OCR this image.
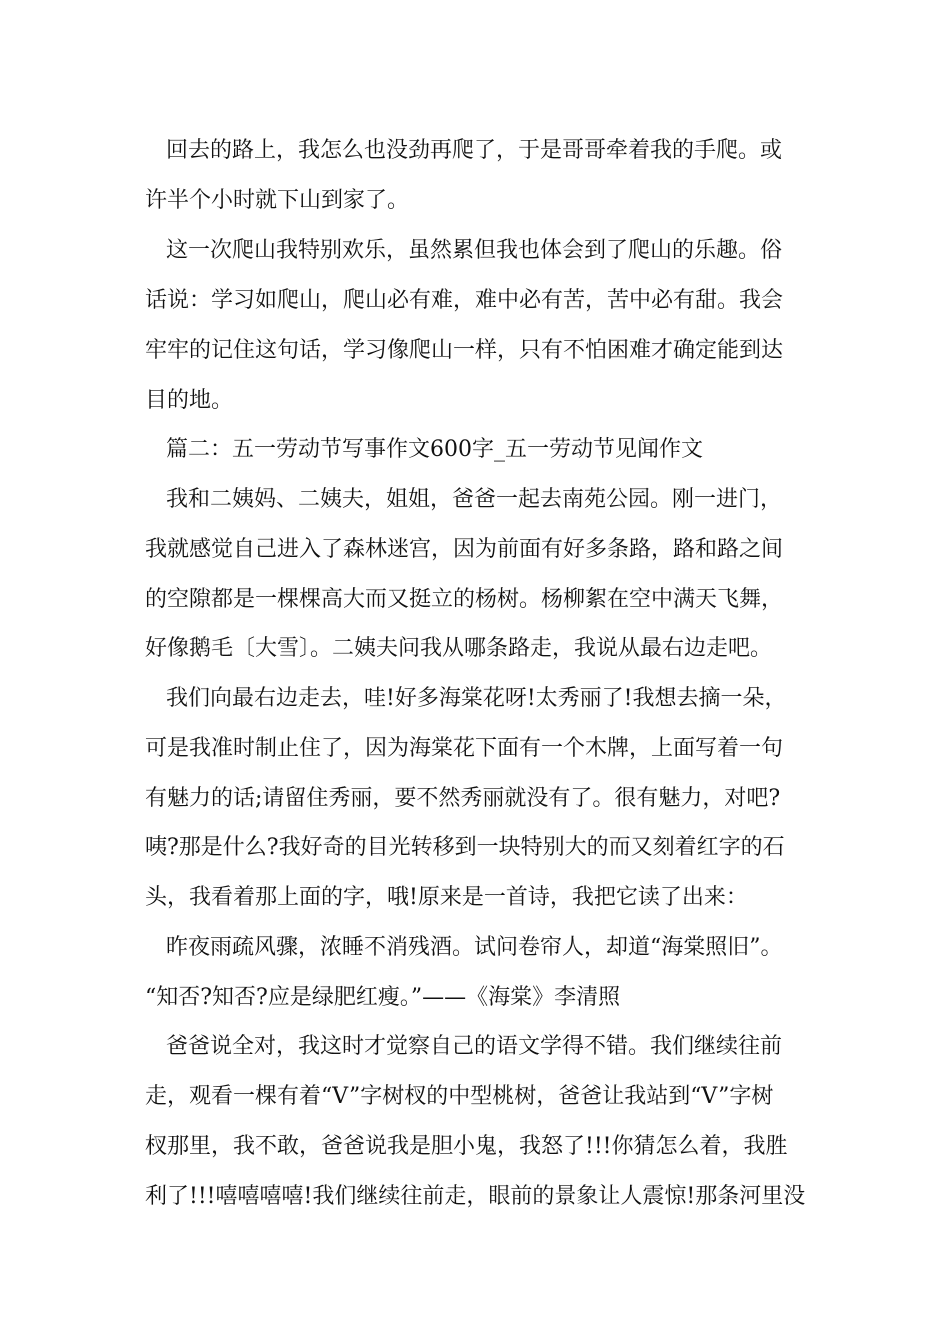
回去的路上，我怎么也没劲再爬了，于是哥哥牵着我的手爬。或
许半个小时就下山到家了。
这一次爬山我特别欢乐，虽然累但我也体会到了爬山的乐趣。俗
话说：学习如爬山，爬山必有难，难中必有苦，苦中必有甜。我会
牢牢的记住这句话，学习像爬山一样，只有不怕困难才确定能到达
目的地。
篇二：五一劳动节写事作文600字_五一劳动节见闻作文
我和二姨妈、二姨夫，姐姐，爸爸一起去南苑公园。刚一进门，
我就感觉自己进入了森林迷宫，因为前面有好多条路，路和路之间
的空隙都是一棵棵高大而又挺立的杨树。杨柳絮在空中满天飞舞，
好像鹅毛〔大雪〕。二姨夫问我从哪条路走，我说从最右边走吧。
我们向最右边走去，哇!好多海棠花呀!太秀丽了!我想去摘一朵，
可是我准时制止住了，因为海棠花下面有一个木牌，上面写着一句
有魅力的话;请留住秀丽，要不然秀丽就没有了。很有魅力，对吧?
咦?那是什么?我好奇的目光转移到一块特别大的而又刻着红字的石
头，我看着那上面的字，哦!原来是一首诗，我把它读了出来：
昨夜雨疏风骤，浓睡不消残酒。试问卷帘人，却道“海棠照旧”。
“知否?知否?应是绿肥红瘦。”——《海棠》李清照
爸爸说全对，我这时才觉察自己的语文学得不错。我们继续往前
走，观看一棵有着“V”字树杈的中型桃树，爸爸让我站到“V”字树
杈那里，我不敢，爸爸说我是胆小鬼，我怒了!!!你猜怎么着，我胜
利了!!!嘻嘻嘻嘻!我们继续往前走，眼前的景象让人震惊!那条河里没
